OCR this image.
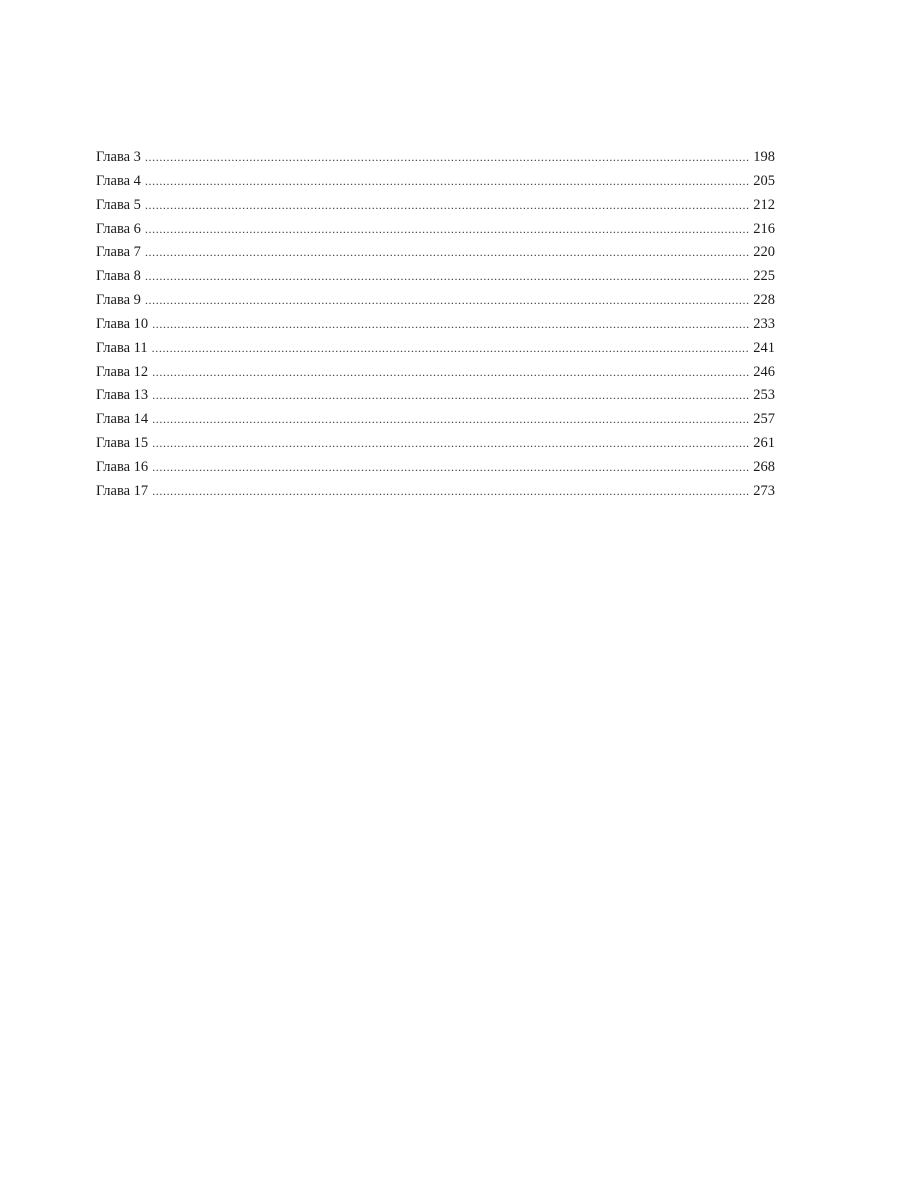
Глава 3 .....	198
Глава 4 .....	205
Глава 5 .....	212
Глава 6 .....	216
Глава 7 .....	220
Глава 8 .....	225
Глава 9 .....	228
Глава 10 .....	233
Глава 11 .....	241
Глава 12 .....	246
Глава 13 .....	253
Глава 14 .....	257
Глава 15 .....	261
Глава 16 .....	268
Глава 17 .....	273
